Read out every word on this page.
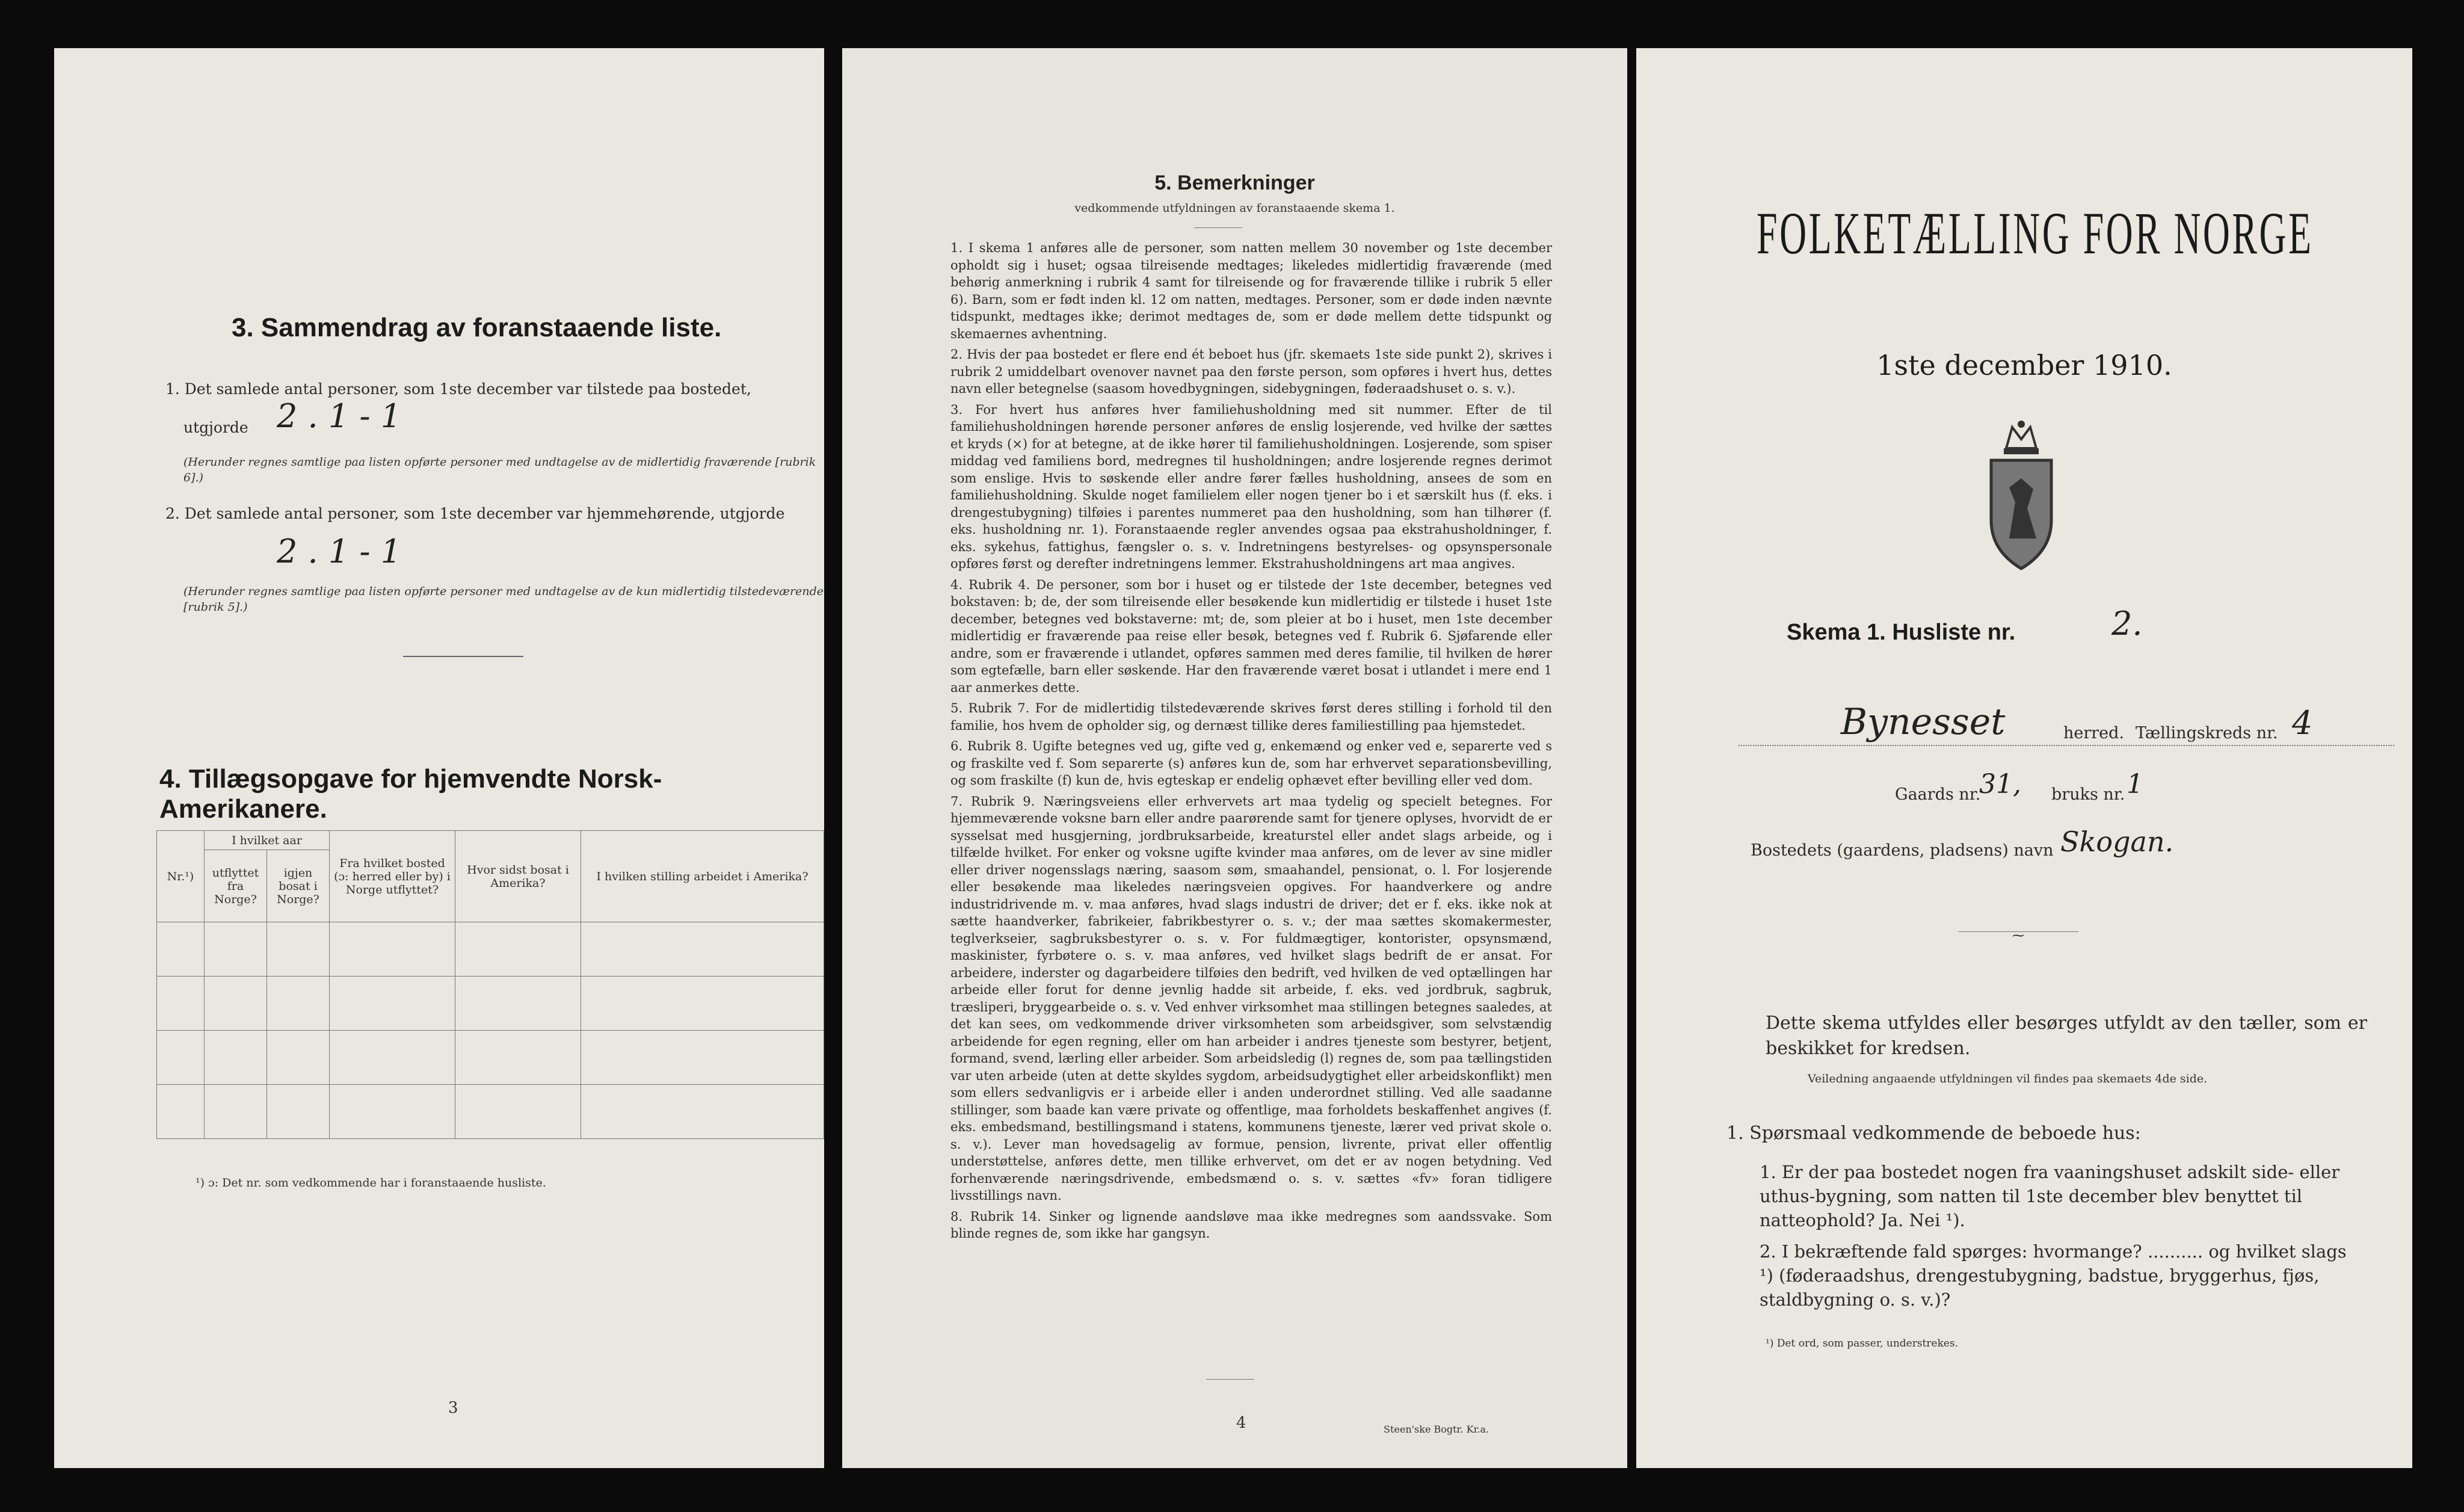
3. Sammendrag av foranstaaende liste.
1. Det samlede antal personer, som 1ste december var tilstede paa bostedet,
utgjorde 2 . 1 - 1
(Herunder regnes samtlige paa listen opførte personer med undtagelse av de midlertidig fraværende [rubrik 6].)
2. Det samlede antal personer, som 1ste december var hjemmehørende, utgjorde
2 . 1 - 1
(Herunder regnes samtlige paa listen opførte personer med undtagelse av de kun midlertidig tilstedeværende [rubrik 5].)
4. Tillægsopgave for hjemvendte Norsk-Amerikanere.
Nr.¹)	I hvilket aar		Fra hvilket bosted (ɔ: herred eller by) i Norge utflyttet?	Hvor sidst bosat i Amerika?	I hvilken stilling arbeidet i Amerika?
	utflyttet fra Norge?	igjen bosat i Norge?			

¹) ɔ: Det nr. som vedkommende har i foranstaaende husliste.
3
5. Bemerkninger
vedkommende utfyldningen av foranstaaende skema 1.

1. I skema 1 anføres alle de personer, som natten mellem 30 november og 1ste december opholdt sig i huset; ogsaa tilreisende medtages; likeledes midlertidig fraværende (med behørig anmerkning i rubrik 4 samt for tilreisende og for fraværende tillike i rubrik 5 eller 6). Barn, som er født inden kl. 12 om natten, medtages. Personer, som er døde inden nævnte tidspunkt, medtages ikke; derimot medtages de, som er døde mellem dette tidspunkt og skemaernes avhentning.

2. Hvis der paa bostedet er flere end ét beboet hus (jfr. skemaets 1ste side punkt 2), skrives i rubrik 2 umiddelbart ovenover navnet paa den første person, som opføres i hvert hus, dettes navn eller betegnelse (saasom hovedbygningen, sidebygningen, føderaadshuset o. s. v.).

3. For hvert hus anføres hver familiehusholdning med sit nummer. Efter de til familiehusholdningen hørende personer anføres de enslig losjerende, ved hvilke der sættes et kryds (×) for at betegne, at de ikke hører til familiehusholdningen. Losjerende, som spiser middag ved familiens bord, medregnes til husholdningen; andre losjerende regnes derimot som enslige. Hvis to søskende eller andre fører fælles husholdning, ansees de som en familiehusholdning. Skulde noget familielem eller nogen tjener bo i et særskilt hus (f. eks. i drengestubygning) tilføies i parentes nummeret paa den husholdning, som han tilhører (f. eks. husholdning nr. 1). Foranstaaende regler anvendes ogsaa paa ekstrahusholdninger, f. eks. sykehus, fattighus, fængsler o. s. v. Indretningens bestyrelses- og opsynspersonale opføres først og derefter indretningens lemmer. Ekstrahusholdningens art maa angives.

4. Rubrik 4. De personer, som bor i huset og er tilstede der 1ste december, betegnes ved bokstaven: b; de, der som tilreisende eller besøkende kun midlertidig er tilstede i huset 1ste december, betegnes ved bokstaverne: mt; de, som pleier at bo i huset, men 1ste december midlertidig er fraværende paa reise eller besøk, betegnes ved f. Rubrik 6. Sjøfarende eller andre, som er fraværende i utlandet, opføres sammen med deres familie, til hvilken de hører som egtefælle, barn eller søskende. Har den fraværende været bosat i utlandet i mere end 1 aar anmerkes dette.

5. Rubrik 7. For de midlertidig tilstedeværende skrives først deres stilling i forhold til den familie, hos hvem de opholder sig, og dernæst tillike deres familiestilling paa hjemstedet.

6. Rubrik 8. Ugifte betegnes ved ug, gifte ved g, enkemænd og enker ved e, separerte ved s og fraskilte ved f. Som separerte (s) anføres kun de, som har erhvervet separationsbevilling, og som fraskilte (f) kun de, hvis egteskap er endelig ophævet efter bevilling eller ved dom.

7. Rubrik 9. Næringsveiens eller erhvervets art maa tydelig og specielt betegnes. For hjemmeværende voksne barn eller andre paarørende samt for tjenere oplyses, hvorvidt de er sysselsat med husgjerning, jordbruksarbeide, kreaturstel eller andet slags arbeide, og i tilfælde hvilket. For enker og voksne ugifte kvinder maa anføres, om de lever av sine midler eller driver nogensslags næring, saasom søm, smaahandel, pensionat, o. l. For losjerende eller besøkende maa likeledes næringsveien opgives. For haandverkere og andre industridrivende m. v. maa anføres, hvad slags industri de driver; det er f. eks. ikke nok at sætte haandverker, fabrikeier, fabrikbestyrer o. s. v.; der maa sættes skomakermester, teglverkseier, sagbruksbestyrer o. s. v. For fuldmægtiger, kontorister, opsynsmænd, maskinister, fyrbøtere o. s. v. maa anføres, ved hvilket slags bedrift de er ansat. For arbeidere, inderster og dagarbeidere tilføies den bedrift, ved hvilken de ved optællingen har arbeide eller forut for denne jevnlig hadde sit arbeide, f. eks. ved jordbruk, sagbruk, træsliperi, bryggearbeide o. s. v. Ved enhver virksomhet maa stillingen betegnes saaledes, at det kan sees, om vedkommende driver virksomheten som arbeidsgiver, som selvstændig arbeidende for egen regning, eller om han arbeider i andres tjeneste som bestyrer, betjent, formand, svend, lærling eller arbeider. Som arbeidsledig (l) regnes de, som paa tællingstiden var uten arbeide (uten at dette skyldes sygdom, arbeidsudygtighet eller arbeidskonflikt) men som ellers sedvanligvis er i arbeide eller i anden underordnet stilling. Ved alle saadanne stillinger, som baade kan være private og offentlige, maa forholdets beskaffenhet angives (f. eks. embedsmand, bestillingsmand i statens, kommunens tjeneste, lærer ved privat skole o. s. v.). Lever man hovedsagelig av formue, pension, livrente, privat eller offentlig understøttelse, anføres dette, men tillike erhvervet, om det er av nogen betydning. Ved forhenværende næringsdrivende, embedsmænd o. s. v. sættes «fv» foran tidligere livsstillings navn.

8. Rubrik 14. Sinker og lignende aandsløve maa ikke medregnes som aandssvake. Som blinde regnes de, som ikke har gangsyn.

4	Steen'ske Bogtr. Kr.a.
FOLKETÆLLING FOR NORGE
1ste december 1910.
Skema 1. Husliste nr.	2.
Bynesset	herred. Tællingskreds nr. 4
Gaards nr.
31, bruks nr. 1
Bostedets (gaardens, pladsens) navn Skogan.
⁓
Dette skema utfyldes eller besørges utfyldt av den tæller, som er beskikket for kredsen.
Veiledning angaaende utfyldningen vil findes paa skemaets 4de side.
1. Spørsmaal vedkommende de beboede hus:
1. Er der paa bostedet nogen fra vaaningshuset adskilt side- eller uthus-bygning, som natten til 1ste december blev benyttet til natteophold? Ja. Nei ¹).
2. I bekræftende fald spørges: hvormange? .......... og hvilket slags ¹) (føderaadshus, drengestubygning, badstue, bryggerhus, fjøs, staldbygning o. s. v.)?
¹) Det ord, som passer, understrekes.
